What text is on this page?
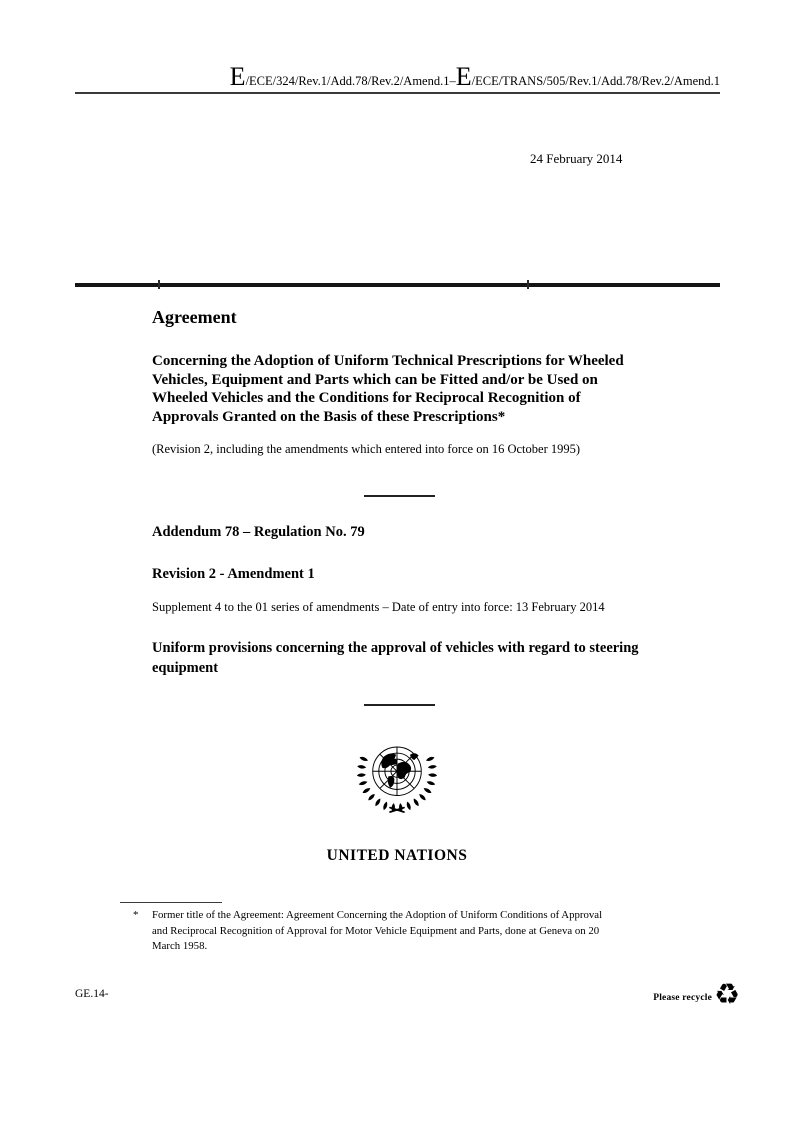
E /ECE/324/Rev.1/Add.78/Rev.2/Amend.1 – E /ECE/TRANS/505/Rev.1/Add.78/Rev.2/Amend.1
24 February 2014
Agreement
Concerning the Adoption of Uniform Technical Prescriptions for Wheeled Vehicles, Equipment and Parts which can be Fitted and/or be Used on Wheeled Vehicles and the Conditions for Reciprocal Recognition of Approvals Granted on the Basis of these Prescriptions*
(Revision 2, including the amendments which entered into force on 16 October 1995)
Addendum 78 – Regulation No. 79
Revision 2 - Amendment 1
Supplement 4 to the 01 series of amendments – Date of entry into force: 13 February 2014
Uniform provisions concerning the approval of vehicles with regard to steering equipment
UNITED NATIONS
*	Former title of the Agreement: Agreement Concerning the Adoption of Uniform Conditions of Approval and Reciprocal Recognition of Approval for Motor Vehicle Equipment and Parts, done at Geneva on 20 March 1958.
GE.14-	Please recycle ♻
